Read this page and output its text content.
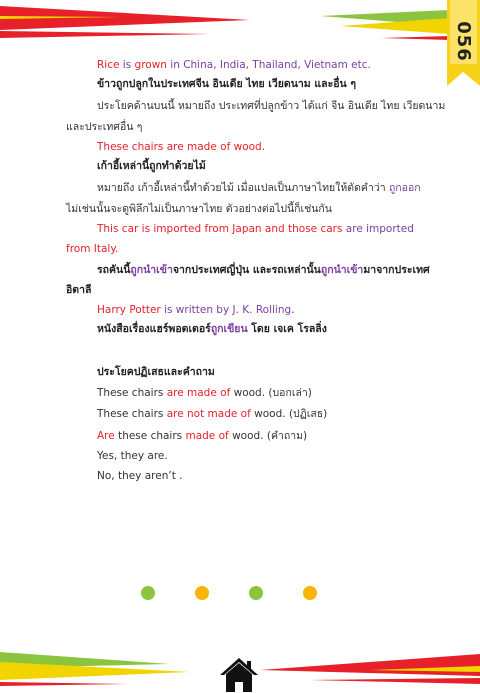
056
Rice is grown in China, India, Thailand, Vietnam etc.
ข้าวถูกปลูกในประเทศจีน อินเดีย ไทย เวียดนาม และอื่น ๆ
ประโยคด้านบนนี้ หมายถึง ประเทศที่ปลูกข้าว ได้แก่ จีน อินเดีย ไทย เวียดนาม
และประเทศอื่น ๆ
These chairs are made of wood.
เก้าอี้เหล่านี้ถูกทำด้วยไม้
หมายถึง เก้าอี้เหล่านี้ทำด้วยไม้ เมื่อแปลเป็นภาษาไทยให้ตัดคำว่า ถูกออก
ไม่เช่นนั้นจะดูพิลึกไม่เป็นภาษาไทย ตัวอย่างต่อไปนี้ก็เช่นกัน
This car is imported from Japan and those cars are imported
from Italy.
รถคันนี้ถูกนำเข้าจากประเทศญี่ปุ่น และรถเหล่านั้นถูกนำเข้ามาจากประเทศ
อิตาลี
Harry Potter is written by J. K. Rolling.
หนังสือเรื่องแฮร์พอตเตอร์ถูกเขียน โดย เจเค โรลลิ่ง
ประโยคปฏิเสธและคำถาม
These chairs are made of wood. (บอกเล่า)
These chairs are not made of wood. (ปฏิเสธ)
Are these chairs made of wood. (คำถาม)
Yes, they are.
No, they aren’t .
